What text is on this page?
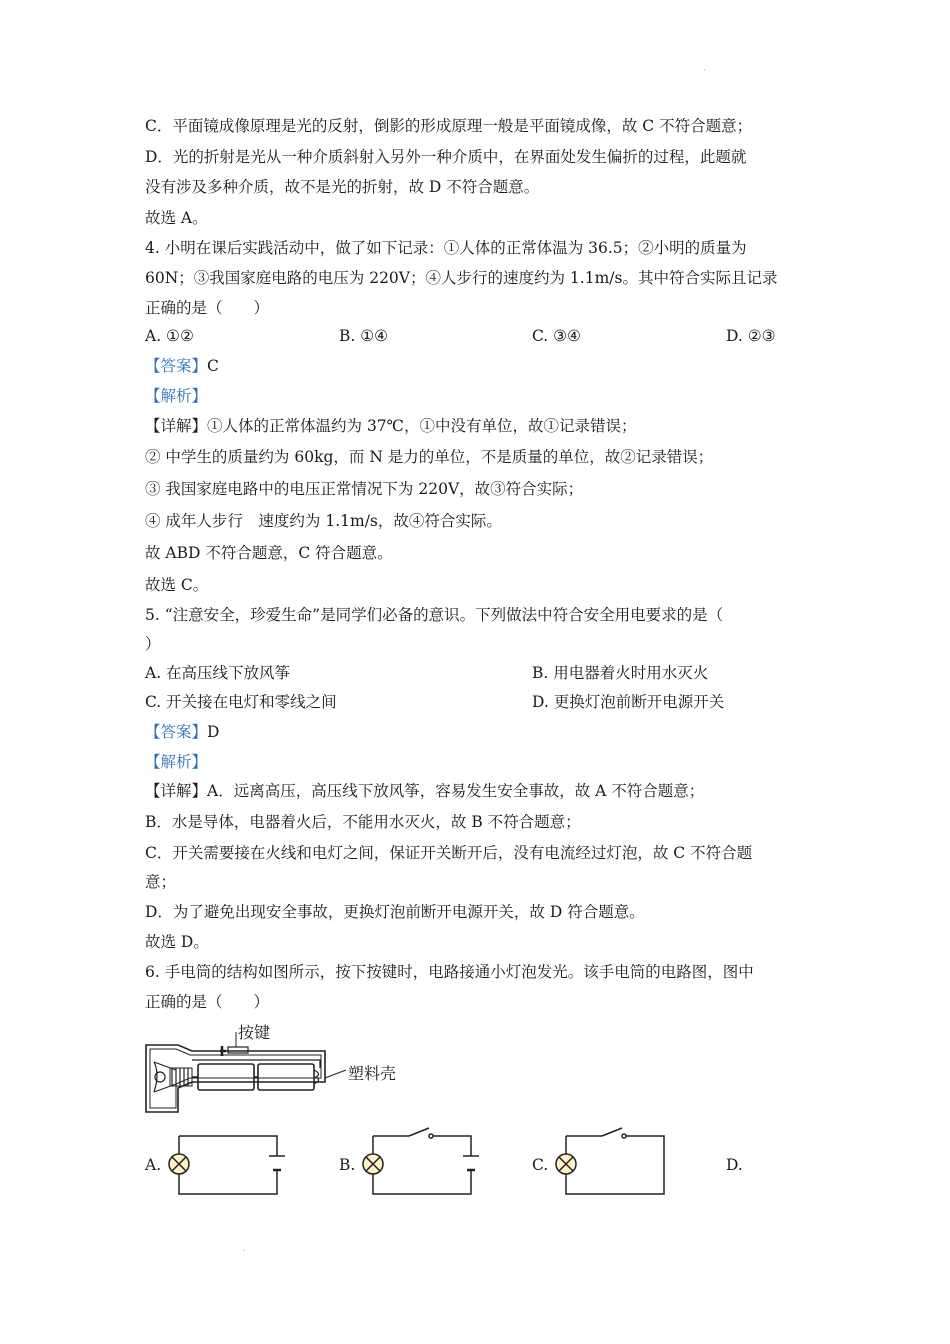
·
C．平面镜成像原理是光的反射，倒影的形成原理一般是平面镜成像，故 C 不符合题意；
D．光的折射是光从一种介质斜射入另外一种介质中，在界面处发生偏折的过程，此题就
没有涉及多种介质，故不是光的折射，故 D 不符合题意。
故选 A。
4. 小明在课后实践活动中，做了如下记录：①人体的正常体温为 36.5；②小明的质量为
60N；③我国家庭电路的电压为 220V；④人步行的速度约为 1.1m/s。其中符合实际且记录
正确的是（　　）
A. ①②	B. ①④	C. ③④	D. ②③
【答案】C
【解析】
【详解】①人体的正常体温约为 37℃，①中没有单位，故①记录错误；
② 中学生的质量约为 60kg，而 N 是力的单位，不是质量的单位，故②记录错误；
③ 我国家庭电路中的电压正常情况下为 220V，故③符合实际；
④ 成年人步行　速度约为 1.1m/s，故④符合实际。
故 ABD 不符合题意，C 符合题意。
故选 C。
5. “注意安全，珍爱生命”是同学们必备的意识。下列做法中符合安全用电要求的是（
）
A. 在高压线下放风筝	B. 用电器着火时用水灭火
C. 开关接在电灯和零线之间	D. 更换灯泡前断开电源开关
【答案】D
【解析】
【详解】A．远离高压，高压线下放风筝，容易发生安全事故，故 A 不符合题意；
B．水是导体，电器着火后，不能用水灭火，故 B 不符合题意；
C．开关需要接在火线和电灯之间，保证开关断开后，没有电流经过灯泡，故 C 不符合题
意；
D．为了避免出现安全事故，更换灯泡前断开电源开关，故 D 符合题意。
故选 D。
6. 手电筒的结构如图所示，按下按键时，电路接通小灯泡发光。该手电筒的电路图，图中
正确的是（　　）
按键
塑料壳
A.	B.	C.	D.
·
